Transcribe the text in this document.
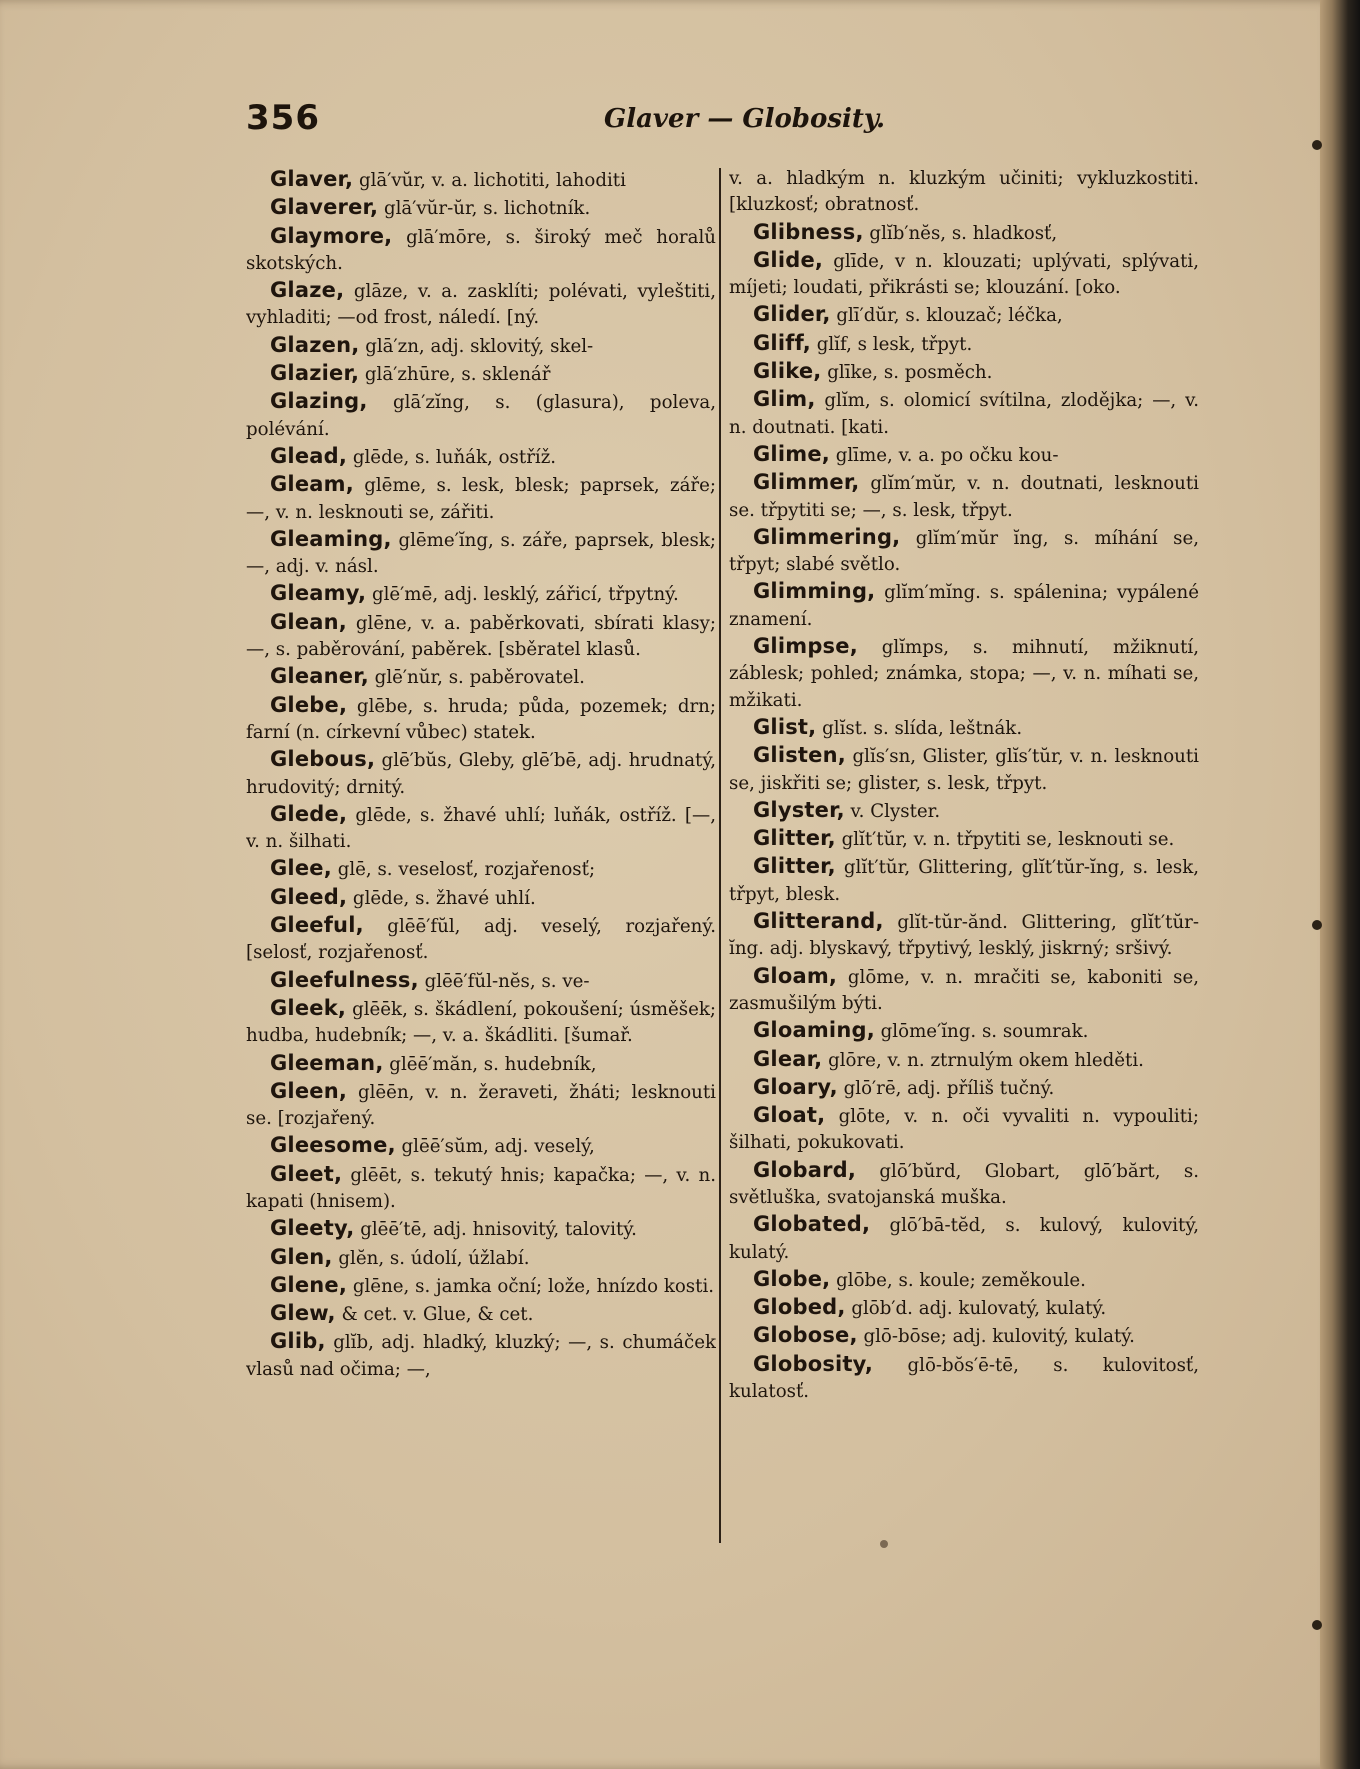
356	Glaver — Globosity.

Glaver, glā′vŭr, v. a. lichotiti, lahoditi

Glaverer, glā′vŭr-ŭr, s. lichotník.

Glaymore, glā′mōre, s. široký meč horalů skotských.

Glaze, glāze, v. a. zasklíti; polévati, vyleštiti, vyhladiti; —od frost, náledí. [ný.

Glazen, glā′zn, adj. sklovitý, skel-

Glazier, glā′zhūre, s. sklenář

Glazing, glā′zĭng, s. (glasura), poleva, polévání.

Glead, glēde, s. luňák, ostříž.

Gleam, glēme, s. lesk, blesk; paprsek, záře; —, v. n. lesknouti se, zářiti.

Gleaming, glēme′ĭng, s. záře, paprsek, blesk; —, adj. v. násl.

Gleamy, glē′mē, adj. lesklý, zářicí, třpytný.

Glean, glēne, v. a. paběrkovati, sbírati klasy; —, s. paběrování, paběrek. [sběratel klasů.

Gleaner, glē′nŭr, s. paběrovatel.

Glebe, glēbe, s. hruda; půda, pozemek; drn; farní (n. církevní vůbec) statek.

Glebous, glē′bŭs, Gleby, glē′bē, adj. hrudnatý, hrudovitý; drnitý.

Glede, glēde, s. žhavé uhlí; luňák, ostříž. [—, v. n. šilhati.

Glee, glē, s. veselosť, rozjařenosť;

Gleed, glēde, s. žhavé uhlí.

Gleeful, glēē′fŭl, adj. veselý, rozjařený. [selosť, rozjařenosť.

Gleefulness, glēē′fŭl-nĕs, s. ve-

Gleek, glēēk, s. škádlení, pokoušení; úsměšek; hudba, hudebník; —, v. a. škádliti. [šumař.

Gleeman, glēē′măn, s. hudebník,

Gleen, glēēn, v. n. žeraveti, žháti; lesknouti se. [rozjařený.

Gleesome, glēē′sŭm, adj. veselý,

Gleet, glēēt, s. tekutý hnis; kapačka; —, v. n. kapati (hnisem).

Gleety, glēē′tē, adj. hnisovitý, talovitý.

Glen, glĕn, s. údolí, úžlabí.

Glene, glēne, s. jamka oční; lože, hnízdo kosti.

Glew, & cet. v. Glue, & cet.

Glib, glĭb, adj. hladký, kluzký; —, s. chumáček vlasů nad očima; —,

v. a. hladkým n. kluzkým učiniti; vykluzkostiti. [kluzkosť; obratnosť.

Glibness, glĭb′nĕs, s. hladkosť,

Glide, glīde, v n. klouzati; uplývati, splývati, míjeti; loudati, přikrásti se; klouzání. [oko.

Glider, glī′dŭr, s. klouzač; léčka,

Gliff, glĭf, s lesk, třpyt.

Glike, glīke, s. posměch.

Glim, glĭm, s. olomicí svítilna, zlodějka; —, v. n. doutnati. [kati.

Glime, glīme, v. a. po očku kou-

Glimmer, glĭm′mŭr, v. n. doutnati, lesknouti se. třpytiti se; —, s. lesk, třpyt.

Glimmering, glĭm′mŭr ĭng, s. míhání se, třpyt; slabé světlo.

Glimming, glĭm′mĭng. s. spálenina; vypálené znamení.

Glimpse, glĭmps, s. mihnutí, mžiknutí, záblesk; pohled; známka, stopa; —, v. n. míhati se, mžikati.

Glist, glĭst. s. slída, leštnák.

Glisten, glĭs′sn, Glister, glĭs′tŭr, v. n. lesknouti se, jiskřiti se; glister, s. lesk, třpyt.

Glyster, v. Clyster.

Glitter, glĭt′tŭr, v. n. třpytiti se, lesknouti se.

Glitter, glĭt′tŭr, Glittering, glĭt′tŭr-ĭng, s. lesk, třpyt, blesk.

Glitterand, glĭt-tŭr-ănd. Glittering, glĭt′tŭr-ĭng. adj. blyskavý, třpytivý, lesklý, jiskrný; sršivý.

Gloam, glōme, v. n. mračiti se, kaboniti se, zasmušilým býti.

Gloaming, glōme′ĭng. s. soumrak.

Glear, glōre, v. n. ztrnulým okem hleděti.

Gloary, glō′rē, adj. příliš tučný.

Gloat, glōte, v. n. oči vyvaliti n. vypouliti; šilhati, pokukovati.

Globard, glō′bŭrd, Globart, glō′bărt, s. světluška, svatojanská muška.

Globated, glō′bā-tĕd, s. kulový, kulovitý, kulatý.

Globe, glōbe, s. koule; zeměkoule.

Globed, glōb′d. adj. kulovatý, kulatý.

Globose, glō-bōse; adj. kulovitý, kulatý.

Globosity, glō-bŏs′ē-tē, s. kulovitosť, kulatosť.
